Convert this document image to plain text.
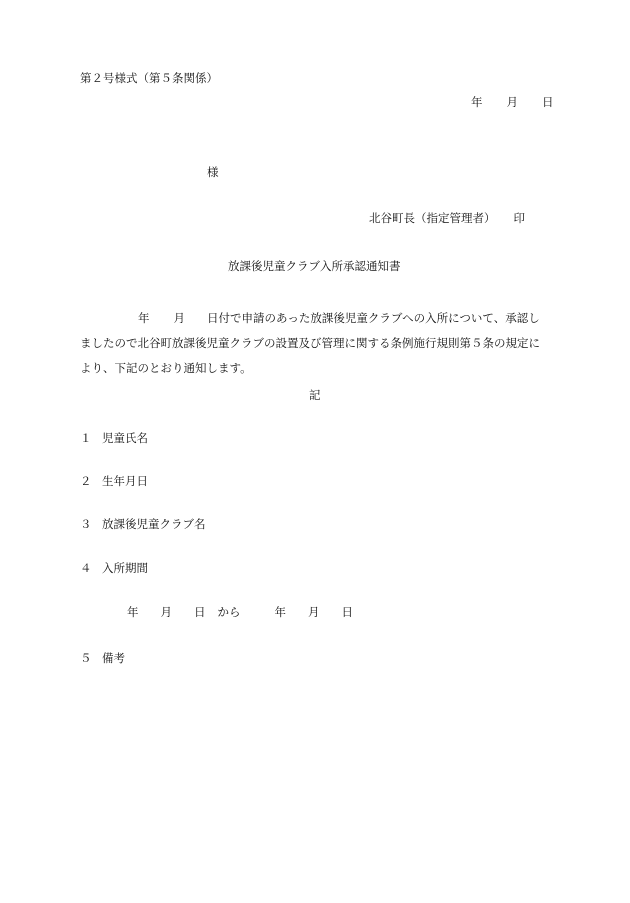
第２号様式（第５条関係）
年 月 日
様
北谷町長（指定管理者） 印
放課後児童クラブ入所承認通知書
年 月 日付で申請のあった放課後児童クラブへの入所について、承認し
ましたので北谷町放課後児童クラブの設置及び管理に関する条例施行規則第５条の規定に
より、下記のとおり通知します。
記
１ 児童氏名
２ 生年月日
３ 放課後児童クラブ名
４ 入所期間
年 月 日 から	年 月 日
５ 備考
